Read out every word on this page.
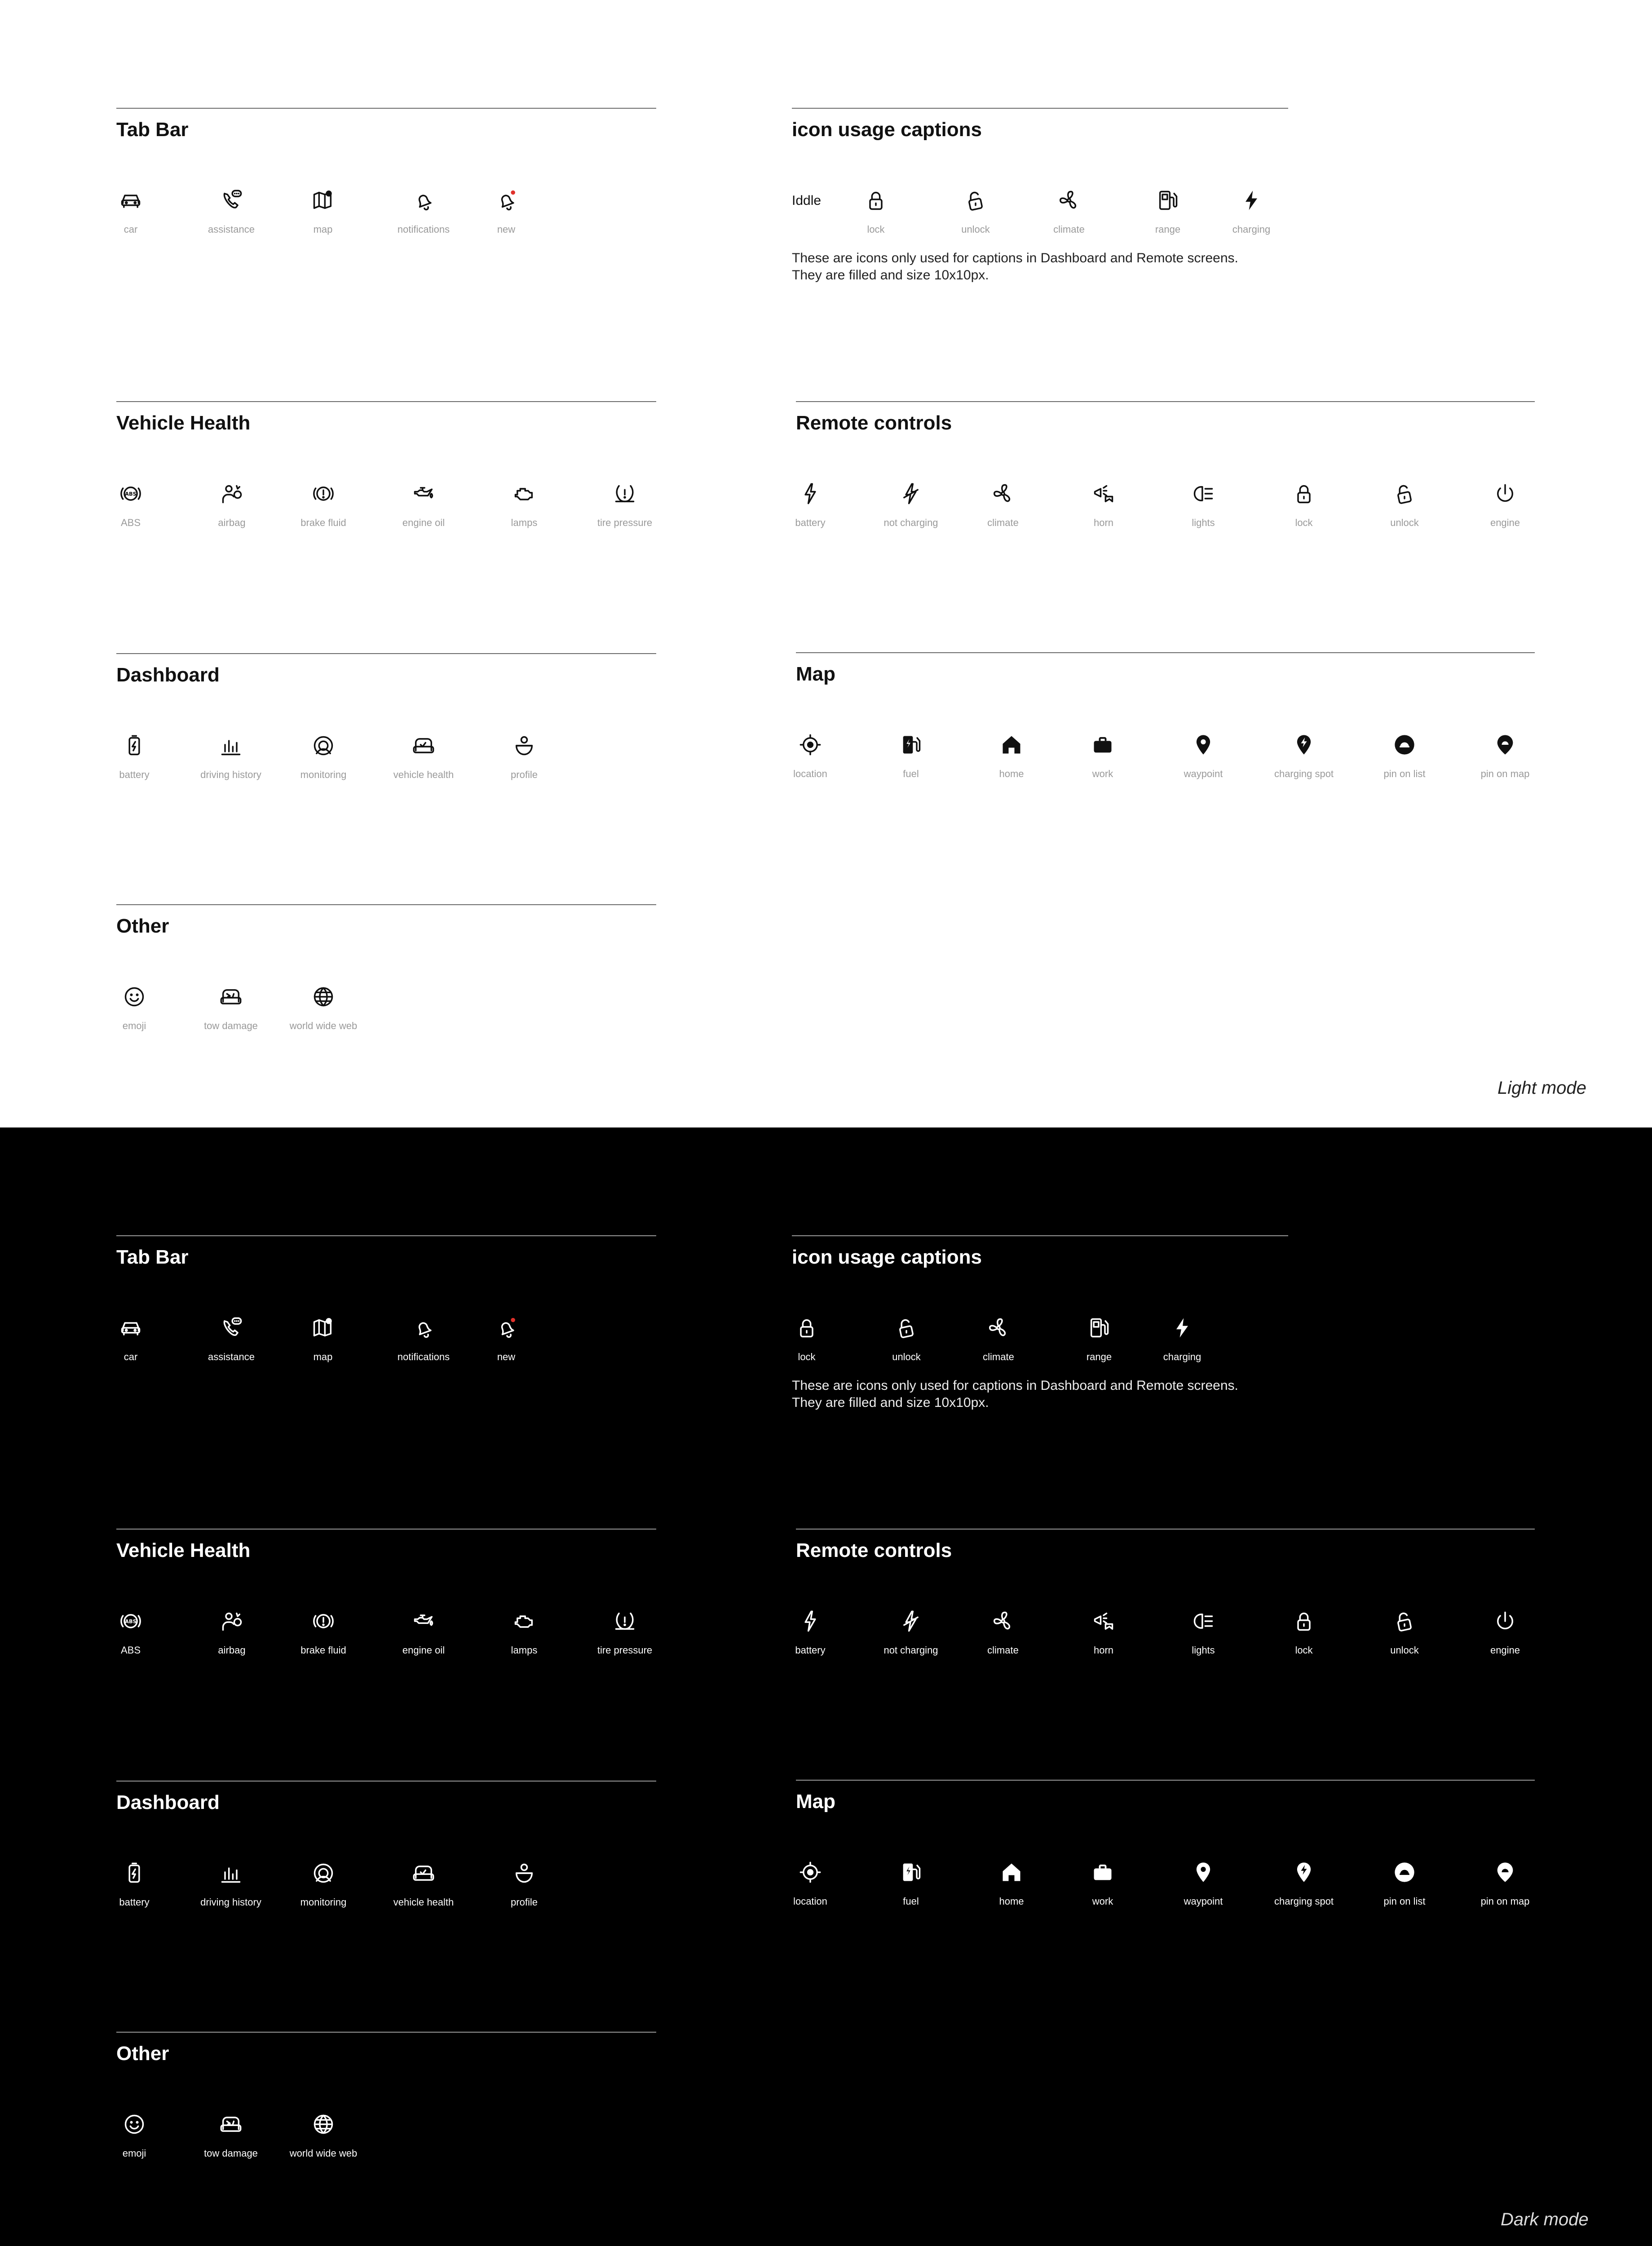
Light mode
Tab Bar
car	assistance	map	notifications	new
icon usage captions
Iddle
lock	unlock	climate	range	charging
These are icons only used for captions in Dashboard and Remote screens.
They are filled and size 10x10px.
Vehicle Health
ABS
ABS	airbag	brake fluid	engine oil	lamps	tire pressure
Remote controls
battery	not charging	climate	horn	lights	lock	unlock	engine
Dashboard
battery	driving history	monitoring	vehicle health	profile
Map
location	fuel	home	work	waypoint	charging spot	pin on list	pin on map
Other
emoji	tow damage	world wide web
Dark mode
Tab Bar
car	assistance	map	notifications	new
icon usage captions
lock	unlock	climate	range	charging
These are icons only used for captions in Dashboard and Remote screens.
They are filled and size 10x10px.
Vehicle Health
ABS
ABS	airbag	brake fluid	engine oil	lamps	tire pressure
Remote controls
battery	not charging	climate	horn	lights	lock	unlock	engine
Dashboard
battery	driving history	monitoring	vehicle health	profile
Map
location	fuel	home	work	waypoint	charging spot	pin on list	pin on map
Other
emoji	tow damage	world wide web
